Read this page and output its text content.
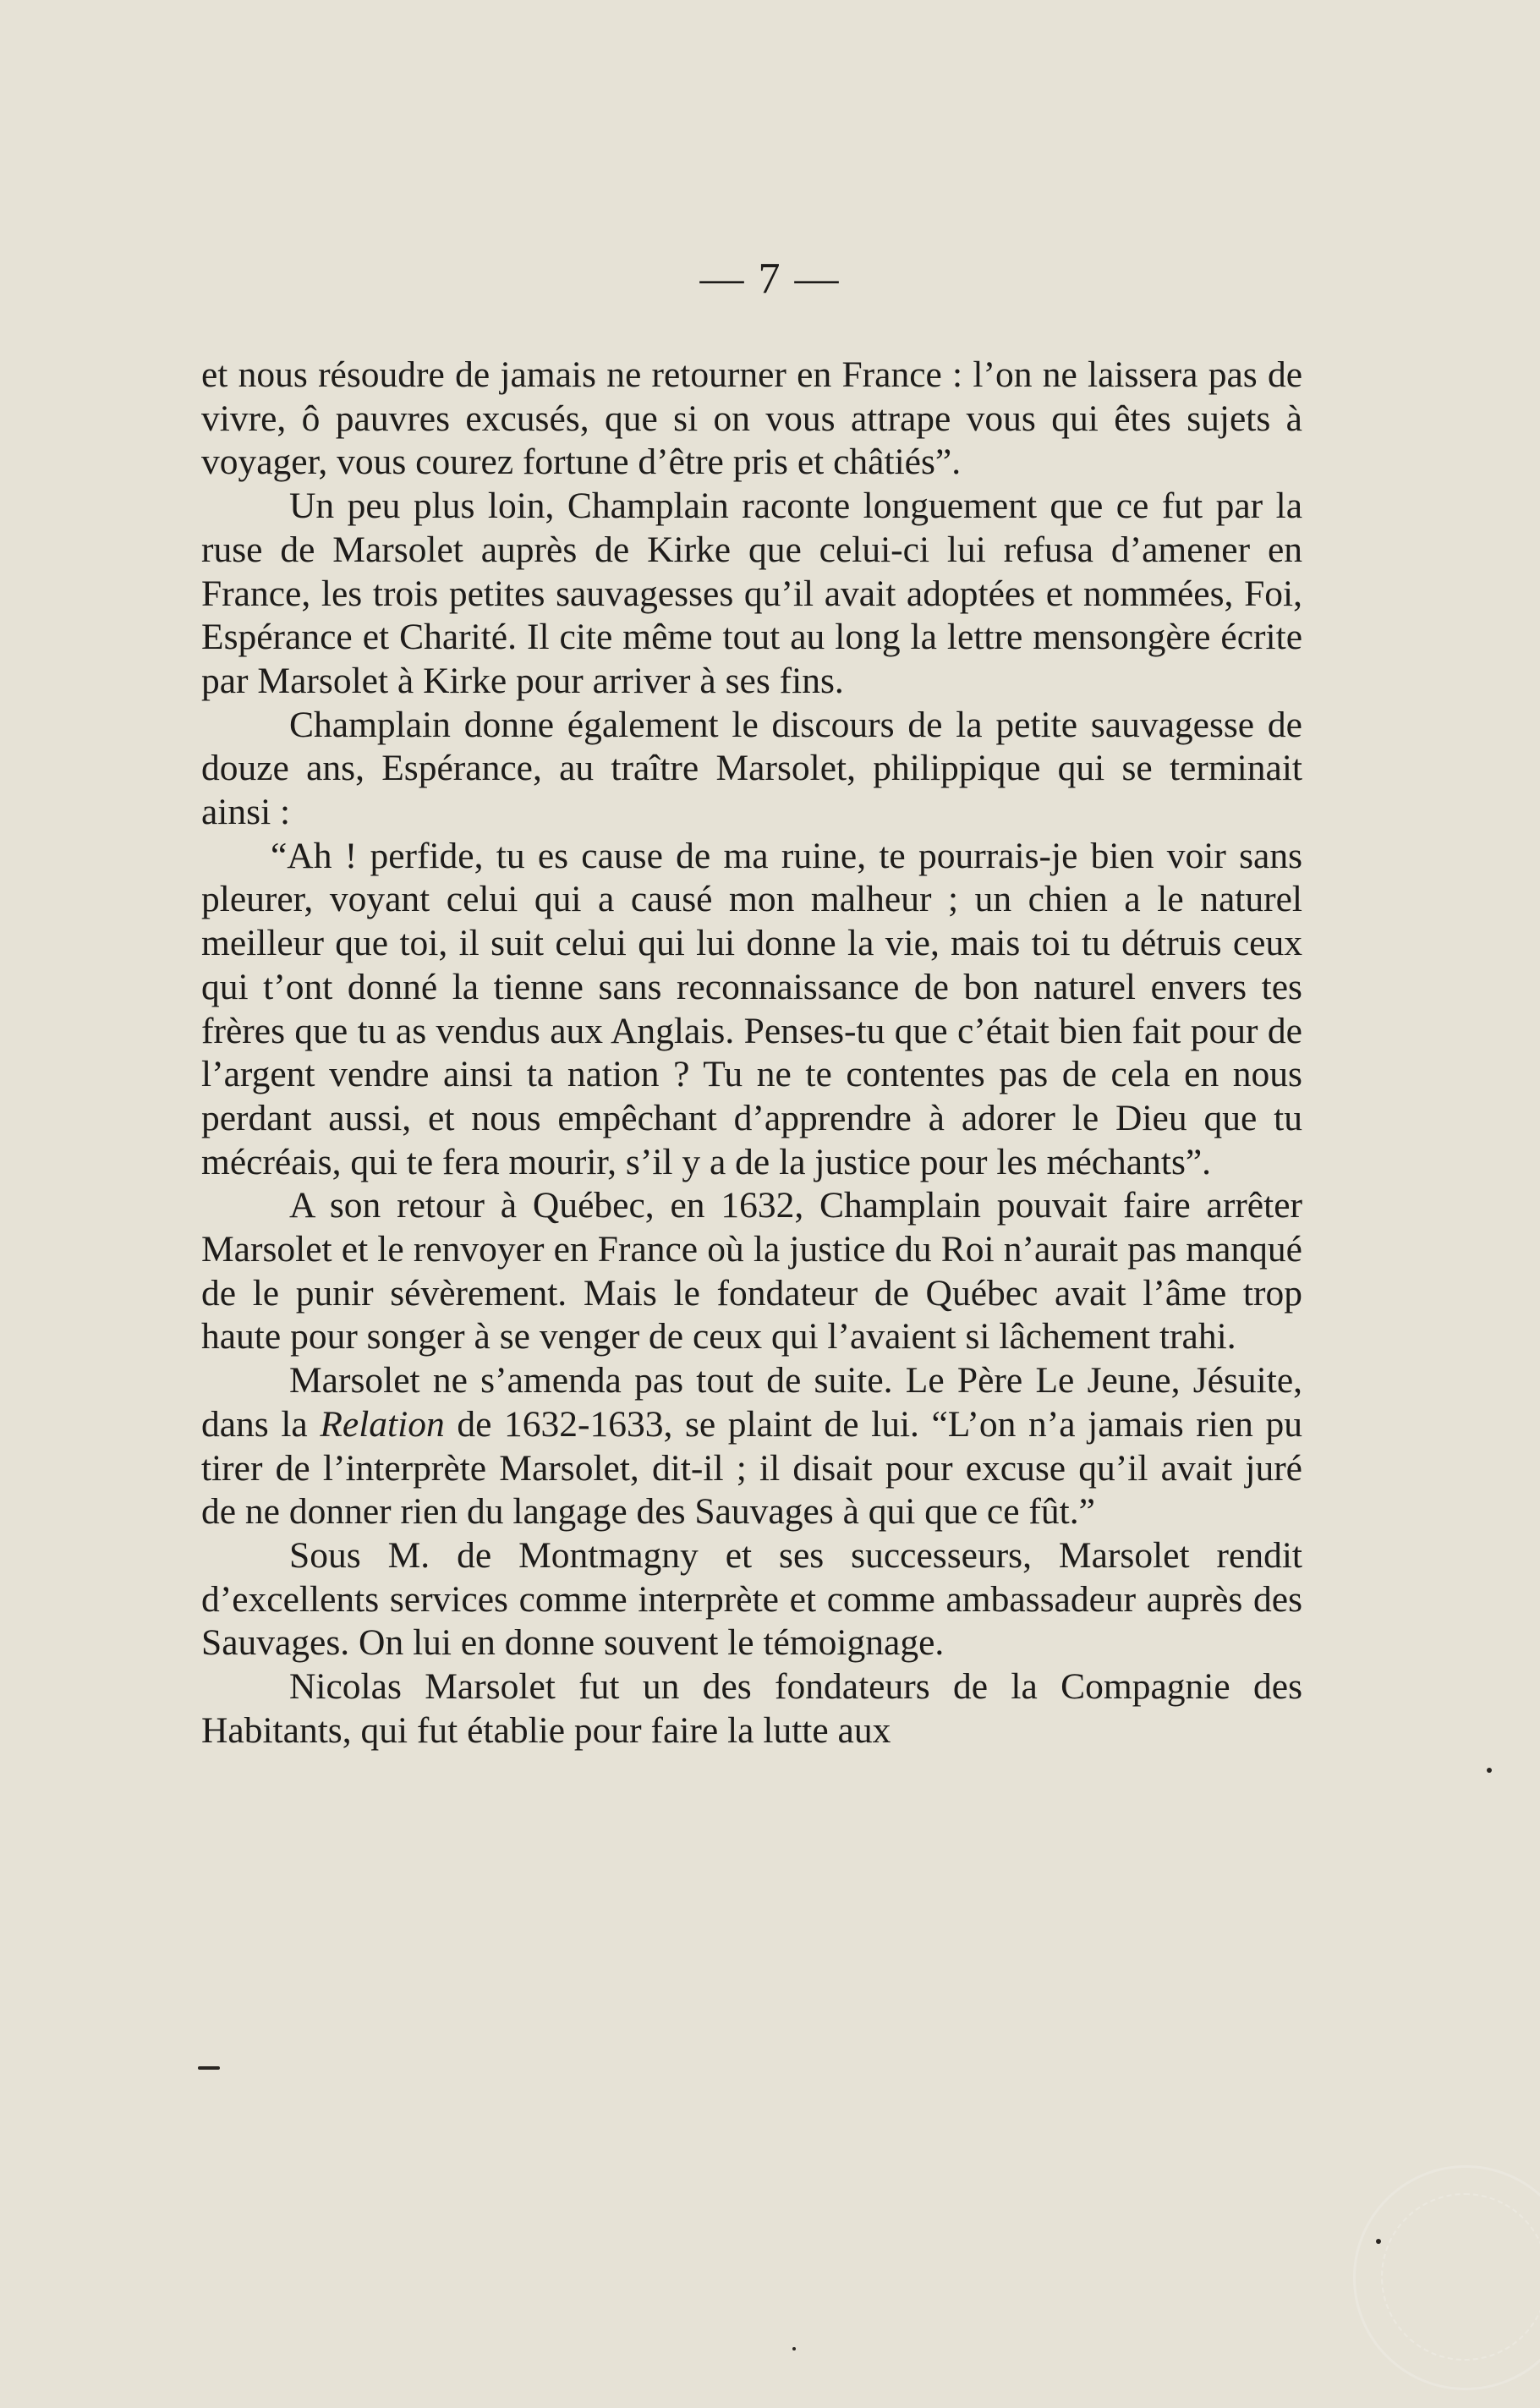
— 7 —

et nous résoudre de jamais ne retourner en France : l’on ne laissera pas de vivre, ô pauvres excusés, que si on vous attrape vous qui êtes sujets à voyager, vous courez fortune d’être pris et châtiés”.

Un peu plus loin, Champlain raconte longuement que ce fut par la ruse de Marsolet auprès de Kirke que celui-ci lui refusa d’amener en France, les trois petites sauvagesses qu’il avait adoptées et nommées, Foi, Espérance et Charité. Il cite même tout au long la lettre mensongère écrite par Marsolet à Kirke pour arriver à ses fins.

Champlain donne également le discours de la petite sauvagesse de douze ans, Espérance, au traître Marsolet, philippique qui se terminait ainsi :

“Ah ! perfide, tu es cause de ma ruine, te pourrais-je bien voir sans pleurer, voyant celui qui a causé mon malheur ; un chien a le naturel meilleur que toi, il suit celui qui lui donne la vie, mais toi tu détruis ceux qui t’ont donné la tienne sans reconnaissance de bon naturel envers tes frères que tu as vendus aux Anglais. Penses-tu que c’était bien fait pour de l’argent vendre ainsi ta nation ? Tu ne te contentes pas de cela en nous perdant aussi, et nous empêchant d’apprendre à adorer le Dieu que tu mécréais, qui te fera mourir, s’il y a de la justice pour les méchants”.

A son retour à Québec, en 1632, Champlain pouvait faire arrêter Marsolet et le renvoyer en France où la justice du Roi n’aurait pas manqué de le punir sévèrement. Mais le fondateur de Québec avait l’âme trop haute pour songer à se venger de ceux qui l’avaient si lâchement trahi.

Marsolet ne s’amenda pas tout de suite. Le Père Le Jeune, Jésuite, dans la Relation de 1632-1633, se plaint de lui. “L’on n’a jamais rien pu tirer de l’interprète Marsolet, dit-il ; il disait pour excuse qu’il avait juré de ne donner rien du langage des Sauvages à qui que ce fût.”

Sous M. de Montmagny et ses successeurs, Marsolet rendit d’excellents services comme interprète et comme ambassadeur auprès des Sauvages. On lui en donne souvent le témoignage.

Nicolas Marsolet fut un des fondateurs de la Compagnie des Habitants, qui fut établie pour faire la lutte aux
